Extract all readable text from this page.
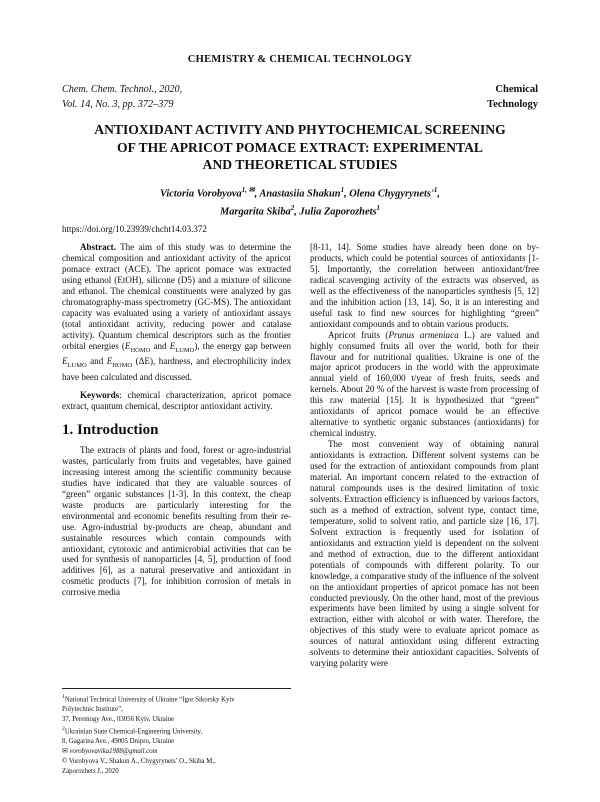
CHEMISTRY & CHEMICAL TECHNOLOGY
Chem. Chem. Technol., 2020,
Vol. 14, No. 3, pp. 372–379
Chemical
Technology
ANTIOXIDANT ACTIVITY AND PHYTOCHEMICAL SCREENING
OF THE APRICOT POMACE EXTRACT: EXPERIMENTAL
AND THEORETICAL STUDIES
Victoria Vorobyova$^{1, ✉}$, Anastasiia Shakun$^1$, Olena $Chygyrynets'^1$,
Margarita Skiba$^2$, Julia Zaporozhets$^1$
https://doi.org/10.23939/chcht14.03.372

Abstract. The aim of this study was to determine the chemical composition and antioxidant activity of the apricot pomace extract (ACE). The apricot pomace was extracted using ethanol (EtOH), silicone (D5) and a mixture of silicone and ethanol. The chemical constituents were analyzed by gas chromatography-mass spectrometry (GC-MS). The antioxidant capacity was evaluated using a variety of antioxidant assays (total antioxidant activity, reducing power and catalase activity). Quantum chemical descriptors such as the frontier orbital energies ($E_{HOMO}$ and $E_{LUMO}$), the energy gap between $E_{LUMO}$ and $E_{HOMO}$ (ΔE), hardness, and electrophilicity index have been calculated and discussed.

Keywords: chemical characterization, apricot pomace extract, quantum chemical, descriptor antioxidant activity.

1. Introduction

The extracts of plants and food, forest or agro-industrial wastes, particularly from fruits and vegetables, have gained increasing interest among the scientific community because studies have indicated that they are valuable sources of “green” organic substances [1-3]. In this context, the cheap waste products are particularly interesting for the environmental and economic benefits resulting from their re-use. Agro-industrial by-products are cheap, abundant and sustainable resources which contain compounds with antioxidant, cytotoxic and antimicrobial activities that can be used for synthesis of nanoparticles [4, 5], production of food additives [6], as a natural preservative and antioxidant in cosmetic products [7], for inhibition corrosion of metals in corrosive media

$^1$National Technical University of Ukraine “Igor Sikorsky Kyiv
Polytechnic Institute”,
37, Peremogy Ave., 03056 Kyiv, Ukraine
$^2$Ukrainian State Chemical-Engineering University,
8, Gagarina Ave., 49005 Dnipro, Ukraine
✉ vorobyovavika1988@gmail.com
© Vorobyova V., Shakun A., Chygyrynets’ O., Skiba M.,
Zaporozhets J., 2020

[8-11, 14]. Some studies have already been done on by-products, which could be potential sources of antioxidants [1-5]. Importantly, the correlation between antioxidant/free radical scavenging activity of the extracts was observed, as well as the effectiveness of the nanoparticles synthesis [5, 12] and the inhibition action [13, 14]. So, it is an interesting and useful task to find new sources for highlighting “green” antioxidant compounds and to obtain various products.

Apricot fruits (Prunus armeniaca L.) are valued and highly consumed fruits all over the world, both for their flavour and for nutritional qualities. Ukraine is one of the major apricot producers in the world with the approximate annual yield of 160,000 t/year of fresh fruits, seeds and kernels. About 20 % of the harvest is waste from processing of this raw material [15]. It is hypothesized that “green” antioxidants of apricot pomace would be an effective alternative to synthetic organic substances (antioxidants) for chemical industry.

The most convenient way of obtaining natural antioxidants is extraction. Different solvent systems can be used for the extraction of antioxidant compounds from plant material. An important concern related to the extraction of natural compounds uses is the desired limitation of toxic solvents. Extraction efficiency is influenced by various factors, such as a method of extraction, solvent type, contact time, temperature, solid to solvent ratio, and particle size [16, 17]. Solvent extraction is frequently used for isolation of antioxidants and extraction yield is dependent on the solvent and method of extraction, due to the different antioxidant potentials of compounds with different polarity. To our knowledge, a comparative study of the influence of the solvent on the antioxidant properties of apricot pomace has not been conducted previously. On the other hand, most of the previous experiments have been limited by using a single solvent for extraction, either with alcohol or with water. Therefore, the objectives of this study were to evaluate apricot pomace as sources of natural antioxidant using different extracting solvents to determine their antioxidant capacities. Solvents of varying polarity were
